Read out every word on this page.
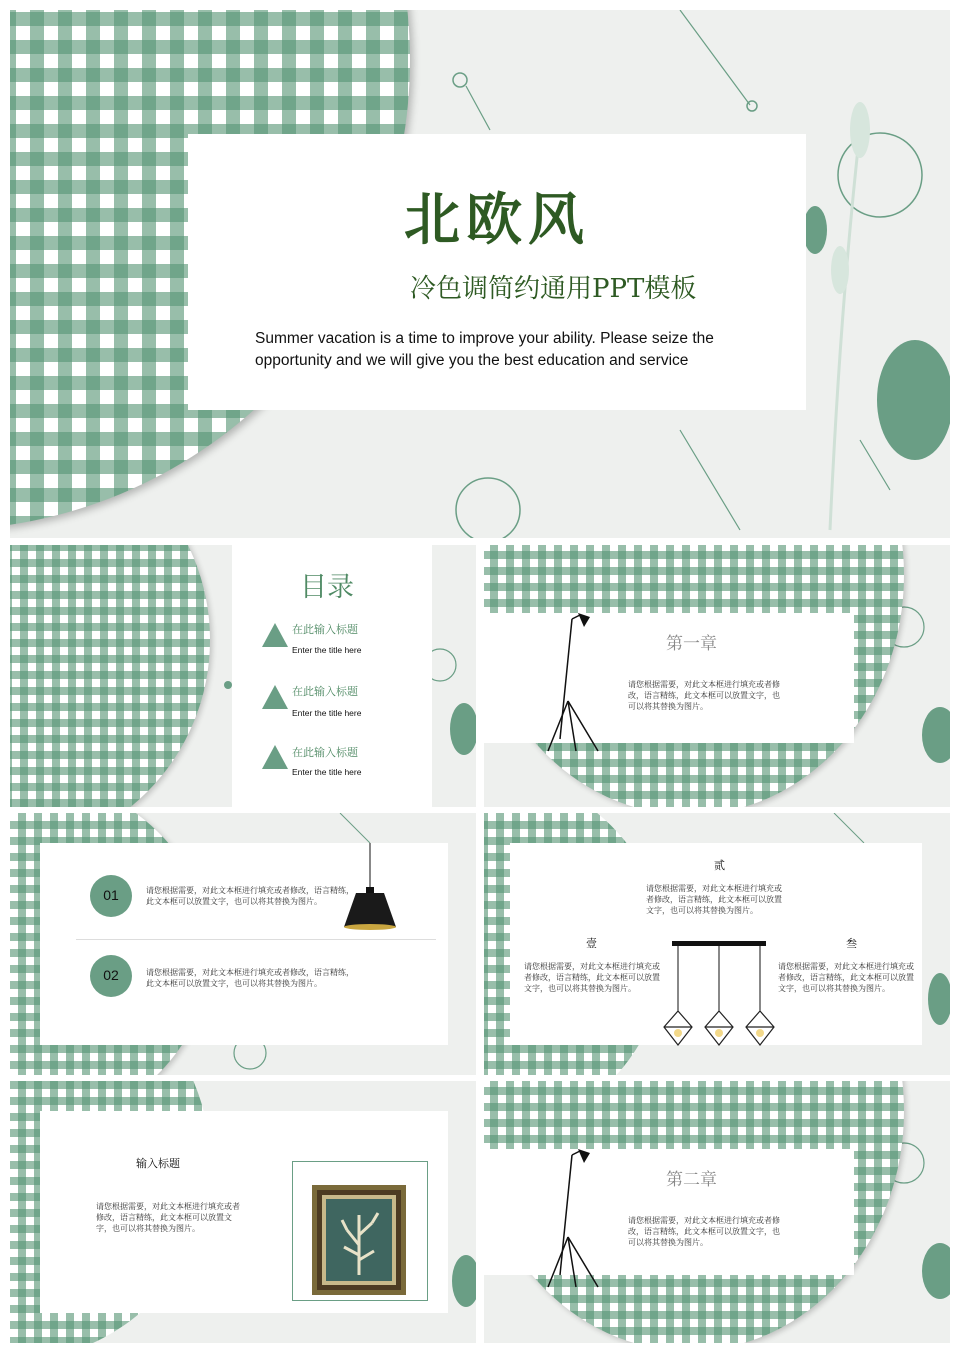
北欧风
冷色调简约通用PPT模板
Summer vacation is a time to improve your ability. Please seize the
opportunity and we will give you the best education and service
目录
在此输入标题
Enter the title here
在此输入标题
Enter the title here
在此输入标题
Enter the title here
第一章
请您根据需要，对此文本框进行填充或者修改，语言精练，此文本框可以放置文字，也可以将其替换为图片。
01	请您根据需要，对此文本框进行填充或者修改，语言精练，此文本框可以放置文字，也可以将其替换为图片。
02	请您根据需要，对此文本框进行填充或者修改，语言精练，此文本框可以放置文字，也可以将其替换为图片。
贰
请您根据需要，对此文本框进行填充或者修改，语言精练，此文本框可以放置文字，也可以将其替换为图片。
壹
请您根据需要，对此文本框进行填充或者修改，语言精练，此文本框可以放置文字，也可以将其替换为图片。
叁
请您根据需要，对此文本框进行填充或者修改，语言精练，此文本框可以放置文字，也可以将其替换为图片。
输入标题
请您根据需要，对此文本框进行填充或者修改，语言精练，此文本框可以放置文字，也可以将其替换为图片。
第二章
请您根据需要，对此文本框进行填充或者修改，语言精练，此文本框可以放置文字，也可以将其替换为图片。
